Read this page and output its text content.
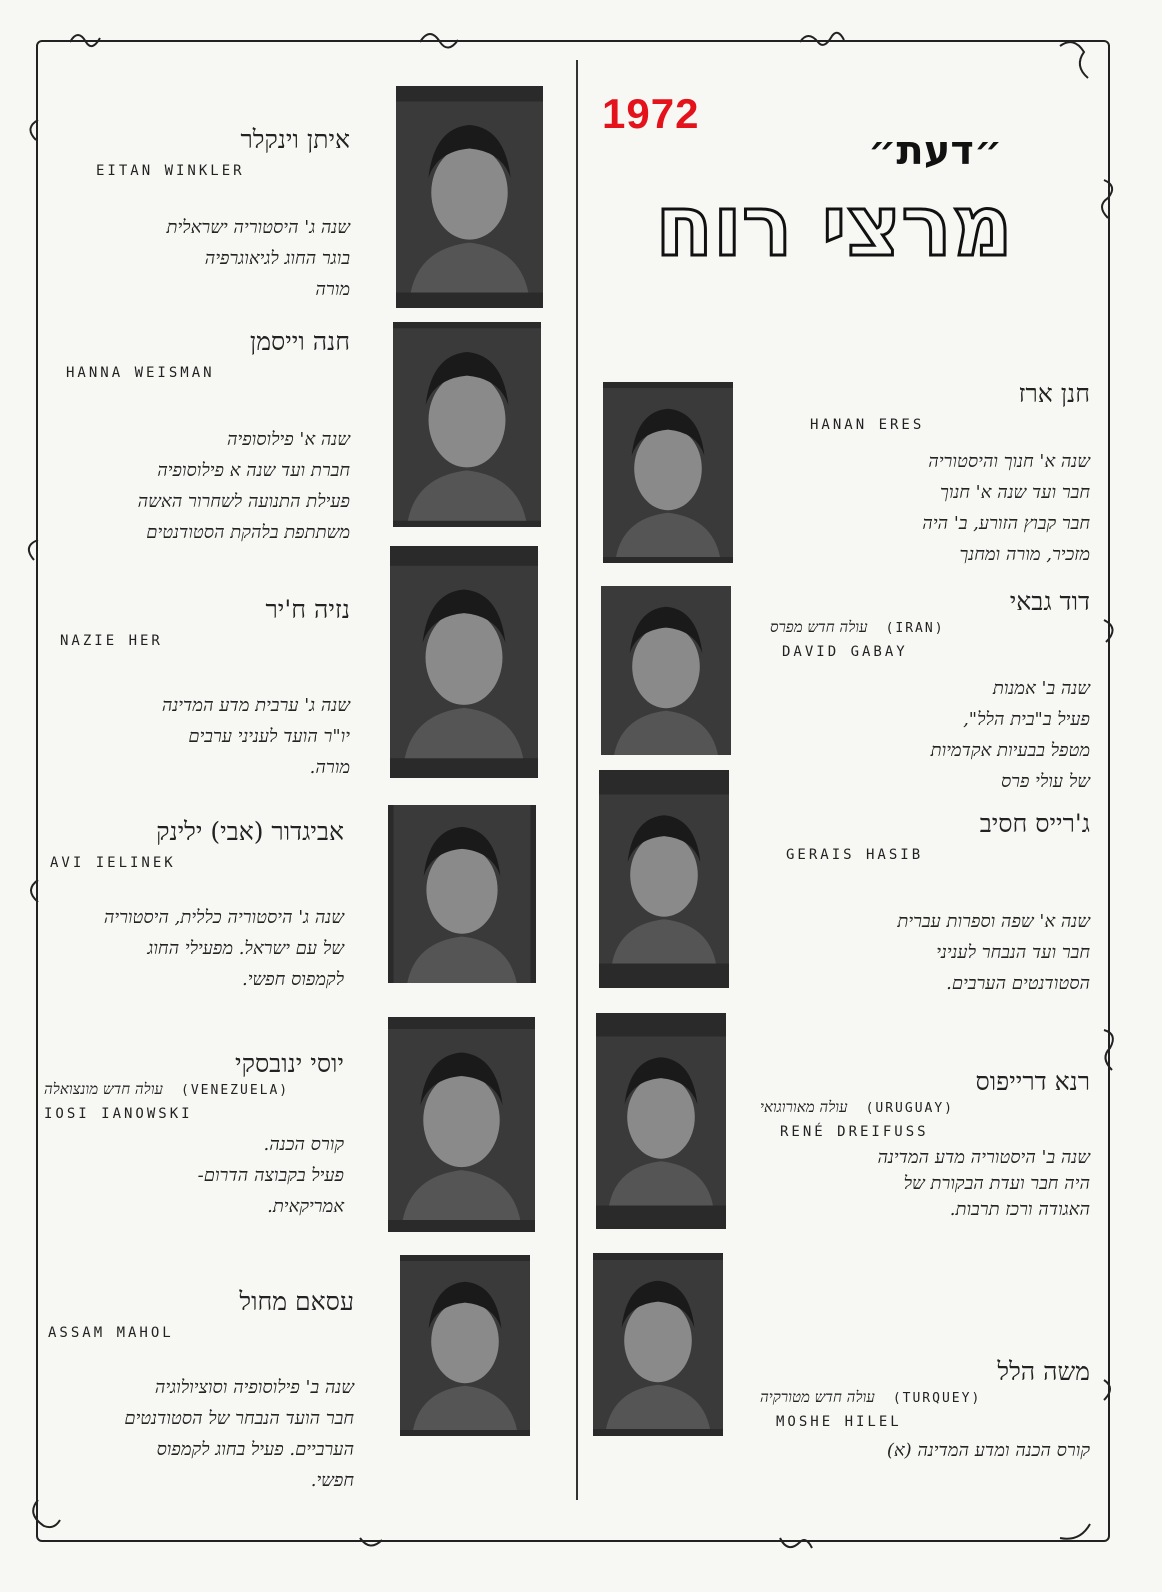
1972
״דעת״
מרצי רוח
חנן ארז
HANAN ERES
שנה א' חנוך והיסטוריה
חבר ועד שנה א' חנוך
חבר קבוץ הזורע, ב' היה
מזכיר, מורה ומחנך
דוד גבאי
עולה חדש מפרס (IRAN)
DAVID GABAY
שנה ב' אמנות
פעיל ב"בית הלל",
מטפל בבעיות אקדמיות
של עולי פרס
ג'רייס חסיב
GERAIS HASIB
שנה א' שפה וספרות עברית
חבר ועד הנבחר לעניני
הסטודנטים הערבים.
רנא דרייפוס
עולה מאורוגואי (URUGUAY)
RENÉ DREIFUSS
שנה ב' היסטוריה מדע המדינה
היה חבר ועדת הבקורת של
האגודה ורכז תרבות.
משה הלל
עולה חדש מטורקיה (TURQUEY)
MOSHE HILEL
קורס הכנה ומדע המדינה (א)
איתן וינקלר
EITAN WINKLER
שנה ג' היסטוריה ישראלית
בוגר החוג לגיאוגרפיה
מורה
חנה וייסמן
HANNA WEISMAN
שנה א' פילוסופיה
חברת ועד שנה א פילוסופיה
פעילת התנועה לשחרור האשה
משתתפת בלהקת הסטודנטים
נזיה ח'יר
NAZIE HER
שנה ג' ערבית מדע המדינה
יו"ר הועד לעניני ערבים
מורה.
אביגדור (אבי) ילינק
AVI IELINEK
שנה ג' היסטוריה כללית, היסטוריה
של עם ישראל. מפעילי החוג
לקמפוס חפשי.
יוסי ינובסקי
עולה חדש מונצואלה (VENEZUELA)
IOSI IANOWSKI
קורס הכנה.
פעיל בקבוצה הדרום-
אמריקאית.
עסאם מחול
ASSAM MAHOL
שנה ב' פילוסופיה וסוציולוגיה
חבר הועד הנבחר של הסטודנטים
הערביים. פעיל בחוג לקמפוס
חפשי.
